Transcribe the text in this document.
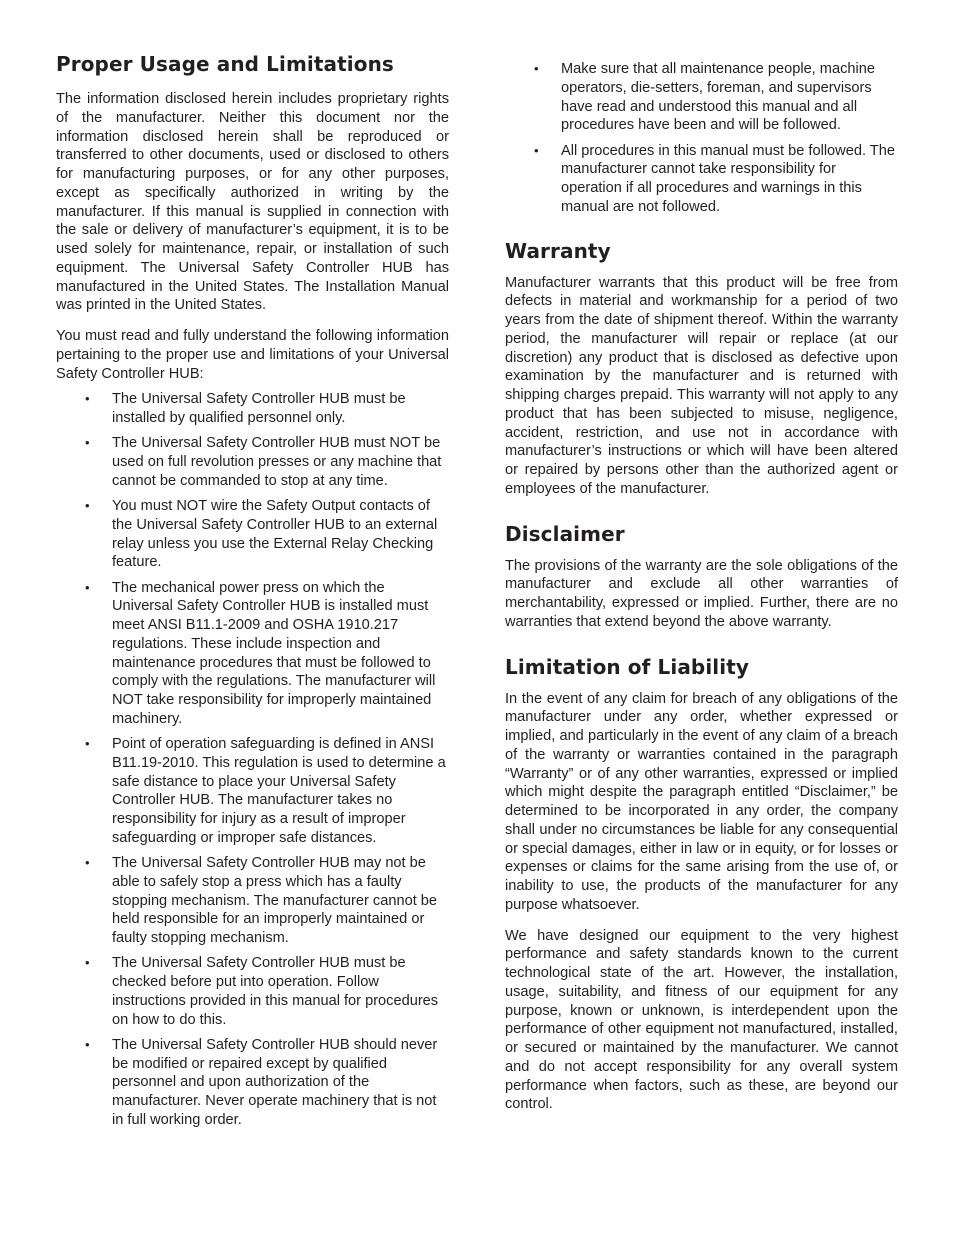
Proper Usage and Limitations

The information disclosed herein includes proprietary rights of the manufacturer. Neither this document nor the information disclosed herein shall be reproduced or transferred to other documents, used or disclosed to others for manufacturing purposes, or for any other purposes, except as specifically authorized in writing by the manufacturer. If this manual is supplied in connection with the sale or delivery of manufacturer’s equipment, it is to be used solely for maintenance, repair, or installation of such equipment. The Universal Safety Controller HUB has manufactured in the United States. The Installation Manual was printed in the United States.

You must read and fully understand the following information pertaining to the proper use and limitations of your Universal Safety Controller HUB:

• The Universal Safety Controller HUB must be installed by qualified personnel only.
• The Universal Safety Controller HUB must NOT be used on full revolution presses or any machine that cannot be commanded to stop at any time.
• You must NOT wire the Safety Output contacts of the Universal Safety Controller HUB to an external relay unless you use the External Relay Checking feature.
• The mechanical power press on which the Universal Safety Controller HUB is installed must meet ANSI B11.1-2009 and OSHA 1910.217 regulations. These include inspection and maintenance procedures that must be followed to comply with the regulations. The manufacturer will NOT take responsibility for improperly maintained machinery.
• Point of operation safeguarding is defined in ANSI B11.19-2010. This regulation is used to determine a safe distance to place your Universal Safety Controller HUB. The manufacturer takes no responsibility for injury as a result of improper safeguarding or improper safe distances.
• The Universal Safety Controller HUB may not be able to safely stop a press which has a faulty stopping mechanism. The manufacturer cannot be held responsible for an improperly maintained or faulty stopping mechanism.
• The Universal Safety Controller HUB must be checked before put into operation. Follow instructions provided in this manual for procedures on how to do this.
• The Universal Safety Controller HUB should never be modified or repaired except by qualified personnel and upon authorization of the manufacturer. Never operate machinery that is not in full working order.
• Make sure that all maintenance people, machine operators, die-setters, foreman, and supervisors have read and understood this manual and all procedures have been and will be followed.
• All procedures in this manual must be followed. The manufacturer cannot take responsibility for operation if all procedures and warnings in this manual are not followed.
Warranty

Manufacturer warrants that this product will be free from defects in material and workmanship for a period of two years from the date of shipment thereof. Within the warranty period, the manufacturer will repair or replace (at our discretion) any product that is disclosed as defective upon examination by the manufacturer and is returned with shipping charges prepaid. This warranty will not apply to any product that has been subjected to misuse, negligence, accident, restriction, and use not in accordance with manufacturer’s instructions or which will have been altered or repaired by persons other than the authorized agent or employees of the manufacturer.

Disclaimer

The provisions of the warranty are the sole obligations of the manufacturer and exclude all other warranties of merchantability, expressed or implied. Further, there are no warranties that extend beyond the above warranty.

Limitation of Liability

In the event of any claim for breach of any obligations of the manufacturer under any order, whether expressed or implied, and particularly in the event of any claim of a breach of the warranty or warranties contained in the paragraph “Warranty” or of any other warranties, expressed or implied which might despite the paragraph entitled “Disclaimer,” be determined to be incorporated in any order, the company shall under no circumstances be liable for any consequential or special damages, either in law or in equity, or for losses or expenses or claims for the same arising from the use of, or inability to use, the products of the manufacturer for any purpose whatsoever.

We have designed our equipment to the very highest performance and safety standards known to the current technological state of the art. However, the installation, usage, suitability, and fitness of our equipment for any purpose, known or unknown, is interdependent upon the performance of other equipment not manufactured, installed, or secured or maintained by the manufacturer. We cannot and do not accept responsibility for any overall system performance when factors, such as these, are beyond our control.
